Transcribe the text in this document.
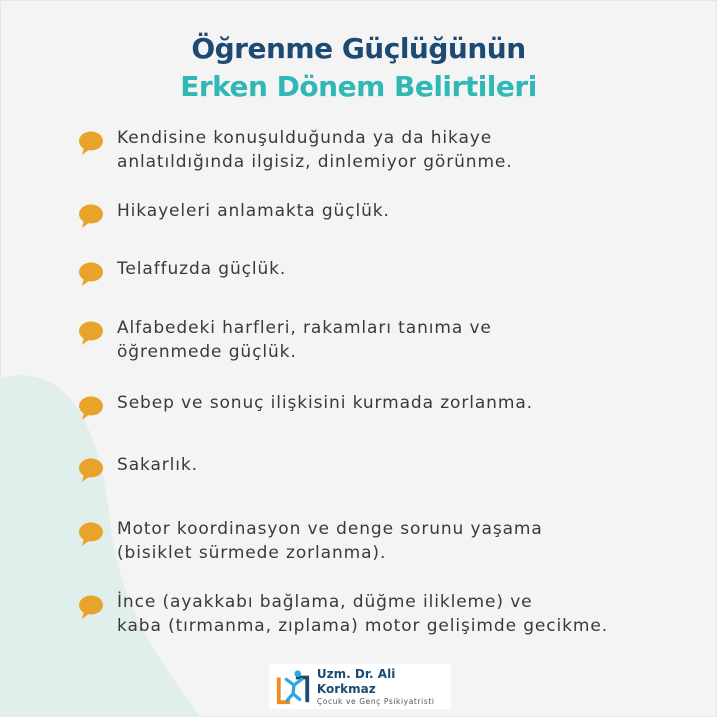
Öğrenme Güçlüğünün
Erken Dönem Belirtileri
Kendisine konuşulduğunda ya da hikaye
anlatıldığında ilgisiz, dinlemiyor görünme.
Hikayeleri anlamakta güçlük.
Telaffuzda güçlük.
Alfabedeki harfleri, rakamları tanıma ve
öğrenmede güçlük.
Sebep ve sonuç ilişkisini kurmada zorlanma.
Sakarlık.
Motor koordinasyon ve denge sorunu yaşama
(bisiklet sürmede zorlanma).
İnce (ayakkabı bağlama, düğme ilikleme) ve
kaba (tırmanma, zıplama) motor gelişimde gecikme.
Uzm. Dr. Ali Korkmaz
Çocuk ve Genç Psikiyatristi
